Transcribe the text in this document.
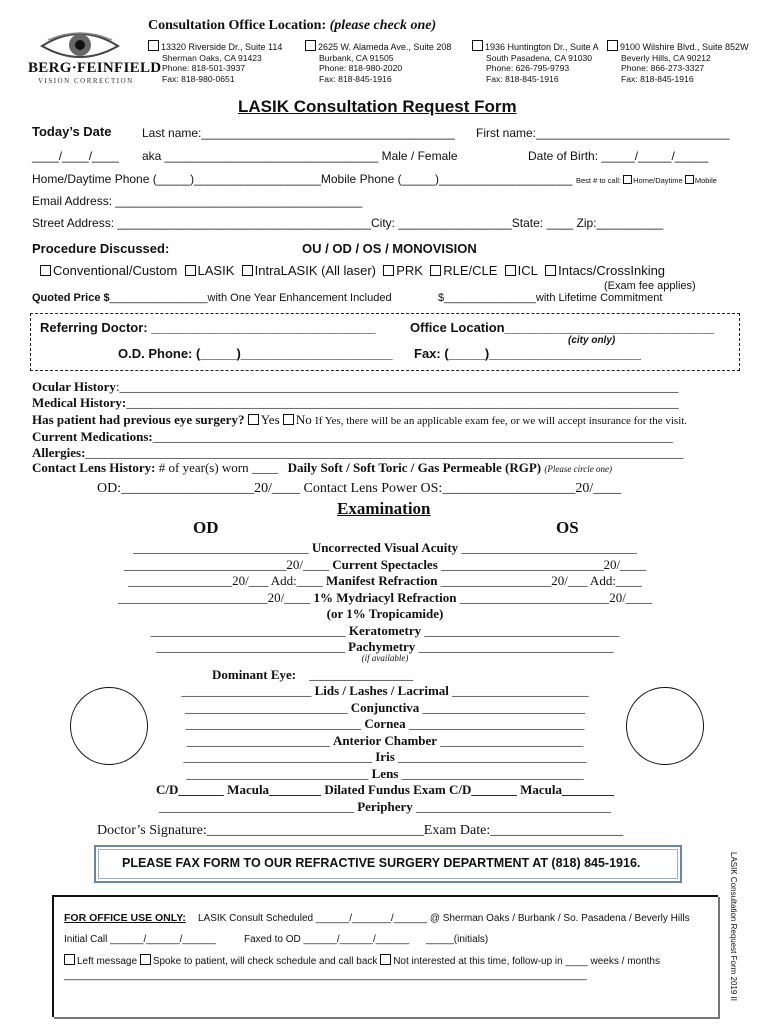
BERG·FEINFIELD
VISION CORRECTION
Consultation Office Location: (please check one)
13320 Riverside Dr., Suite 114
Sherman Oaks, CA 91423
Phone: 818-501-3937
Fax: 818-980-0651
2625 W. Alameda Ave., Suite 208
Burbank, CA 91505
Phone: 818-980-2020
Fax: 818-845-1916
1936 Huntington Dr., Suite A
South Pasadena, CA 91030
Phone: 626-795-9793
Fax: 818-845-1916
9100 Wilshire Blvd., Suite 852W
Beverly Hills, CA 90212
Phone: 866-273-3327
Fax: 818-845-1916
LASIK Consultation Request Form
Today’s Date	Last name:______________________________________ First name:_____________________________
____/____/____ aka ________________________________ Male / Female	Date of Birth: _____/_____/_____
Home/Daytime Phone (_____)___________________Mobile Phone (_____)____________________ Best # to call: Home/Daytime Mobile
Email Address: _____________________________________
Street Address: ______________________________________City: _________________State: ____ Zip:__________
Procedure Discussed:	OU / OD / OS / MONOVISION
Conventional/Custom LASIK IntraLASIK (All laser) PRK RLE/CLE ICL Intacs/CrossInking
(Exam fee applies)
Quoted Price $________________with One Year Enhancement Included	$_______________with Lifetime Commitment
Referring Doctor: _______________________________	Office Location_____________________________
(city only)
O.D. Phone: (_____)_____________________ Fax: (_____)_____________________
Ocular History:______________________________________________________________________________________
Medical History:_____________________________________________________________________________________
Has patient had previous eye surgery? Yes No If Yes, there will be an applicable exam fee, or we will accept insurance for the visit.
Current Medications:________________________________________________________________________________
Allergies:____________________________________________________________________________________________
Contact Lens History: # of year(s) worn ____ Daily Soft / Soft Toric / Gas Permeable (RGP) (Please circle one)
OD:___________________20/____ Contact Lens Power OS:___________________20/____
Examination
OD	OS
___________________________ Uncorrected Visual Acuity ___________________________
_________________________20/____ Current Spectacles _________________________20/____
________________20/___ Add:____ Manifest Refraction _________________20/___ Add:____
_______________________20/____ 1% Mydriacyl Refraction _______________________20/____
(or 1% Tropicamide)
______________________________ Keratometry ______________________________
_____________________________ Pachymetry ______________________________
(if available)
Dominant Eye: ________________
____________________ Lids / Lashes / Lacrimal _____________________
_________________________ Conjunctiva _________________________
___________________________ Cornea ___________________________
______________________ Anterior Chamber ______________________
_____________________________ Iris _____________________________
____________________________ Lens ____________________________
C/D_______ Macula________ Dilated Fundus Exam C/D_______ Macula________
______________________________ Periphery ______________________________
Doctor’s Signature:_______________________________Exam Date:___________________
PLEASE FAX FORM TO OUR REFRACTIVE SURGERY DEPARTMENT AT (818) 845-1916.
FOR OFFICE USE ONLY: LASIK Consult Scheduled ______/_______/______ @ Sherman Oaks / Burbank / So. Pasadena / Beverly Hills
Initial Call ______/______/______	Faxed to OD ______/______/______ _____(initials)
Left message Spoke to patient, will check schedule and call back Not interested at this time, follow-up in ____ weeks / months
______________________________________________________________________________________________	LASIK Consultation Request Form 2019 II
